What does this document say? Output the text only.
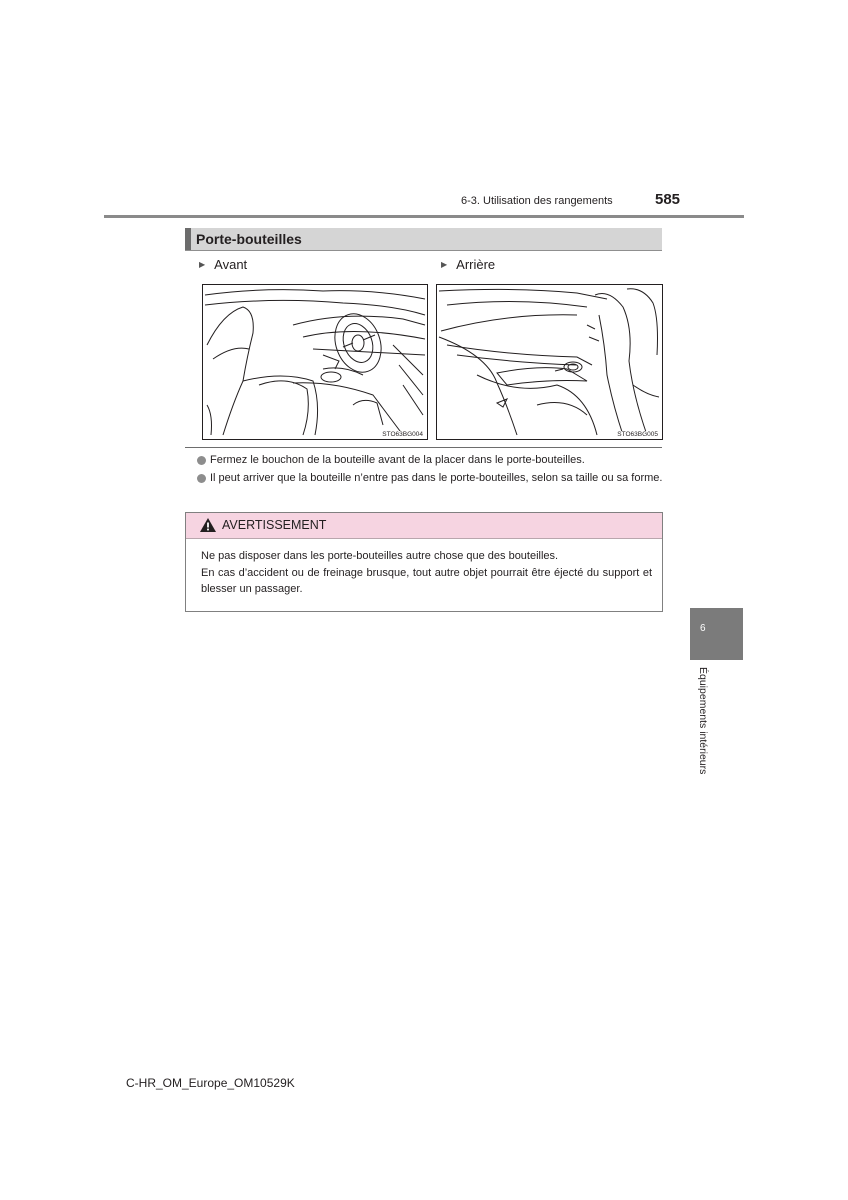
6-3. Utilisation des rangements	585
Porte-bouteilles
▶ Avant	▶ Arrière
STO63BG004	STO63BG005
Fermez le bouchon de la bouteille avant de la placer dans le porte-bouteilles.
Il peut arriver que la bouteille n’entre pas dans le porte-bouteilles, selon sa taille ou sa forme.
AVERTISSEMENT

Ne pas disposer dans les porte-bouteilles autre chose que des bouteilles.

En cas d’accident ou de freinage brusque, tout autre objet pourrait être éjecté du support et blesser un passager.

6
Équipements intérieurs
C-HR_OM_Europe_OM10529K
